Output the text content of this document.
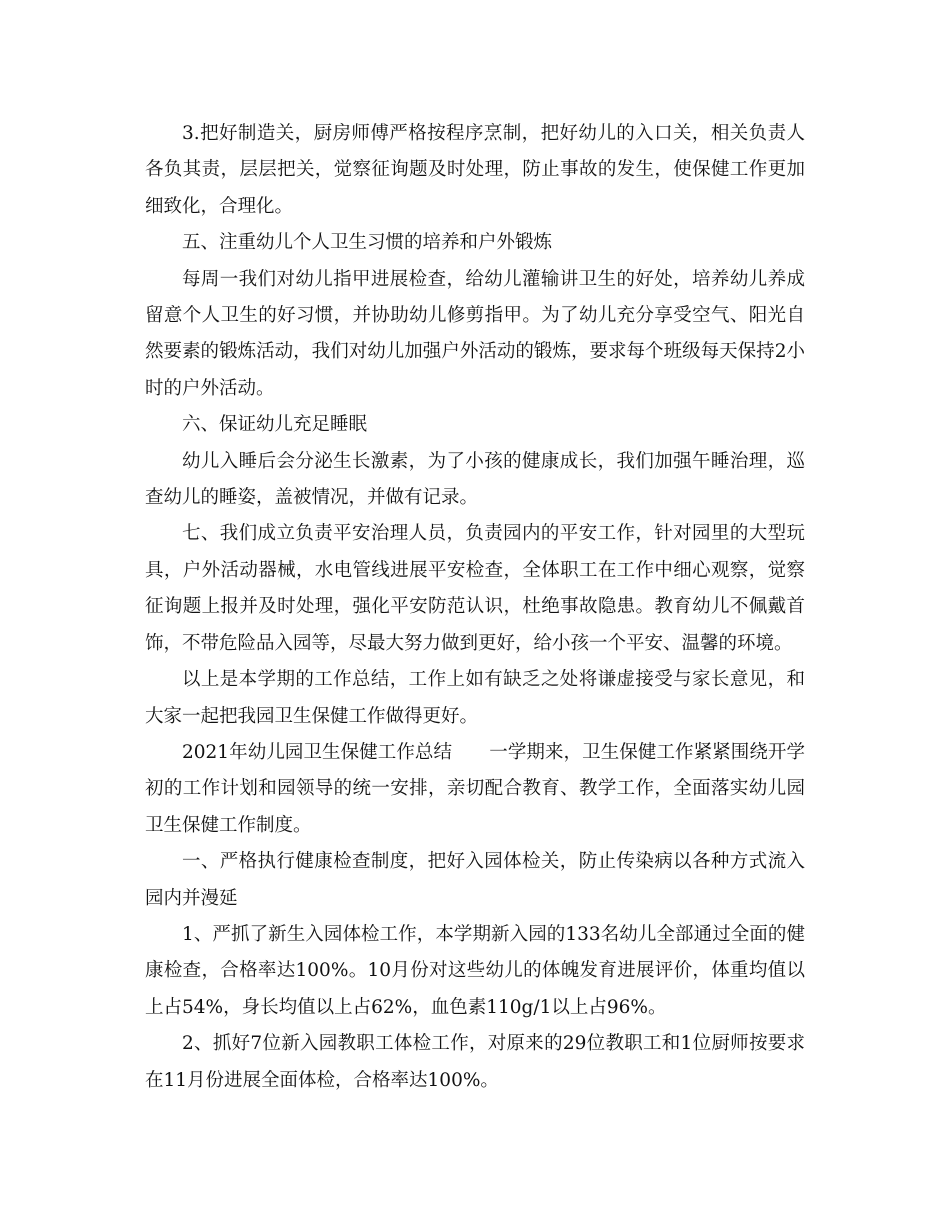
3.把好制造关，厨房师傅严格按程序烹制，把好幼儿的入口关，相关负责人各负其责，层层把关，觉察征询题及时处理，防止事故的发生，使保健工作更加细致化，合理化。

五、注重幼儿个人卫生习惯的培养和户外锻炼

每周一我们对幼儿指甲进展检查，给幼儿灌输讲卫生的好处，培养幼儿养成留意个人卫生的好习惯，并协助幼儿修剪指甲。为了幼儿充分享受空气、阳光自然要素的锻炼活动，我们对幼儿加强户外活动的锻炼，要求每个班级每天保持2小时的户外活动。

六、保证幼儿充足睡眠

幼儿入睡后会分泌生长激素，为了小孩的健康成长，我们加强午睡治理，巡查幼儿的睡姿，盖被情况，并做有记录。

七、我们成立负责平安治理人员，负责园内的平安工作，针对园里的大型玩具，户外活动器械，水电管线进展平安检查，全体职工在工作中细心观察，觉察征询题上报并及时处理，强化平安防范认识，杜绝事故隐患。教育幼儿不佩戴首饰，不带危险品入园等，尽最大努力做到更好，给小孩一个平安、温馨的环境。

以上是本学期的工作总结，工作上如有缺乏之处将谦虚接受与家长意见，和大家一起把我园卫生保健工作做得更好。

2021年幼儿园卫生保健工作总结　　一学期来，卫生保健工作紧紧围绕开学初的工作计划和园领导的统一安排，亲切配合教育、教学工作，全面落实幼儿园卫生保健工作制度。

一、严格执行健康检查制度，把好入园体检关，防止传染病以各种方式流入园内并漫延

1、严抓了新生入园体检工作，本学期新入园的133名幼儿全部通过全面的健康检查，合格率达100%。10月份对这些幼儿的体魄发育进展评价，体重均值以上占54%，身长均值以上占62%，血色素110g/1以上占96%。

2、抓好7位新入园教职工体检工作，对原来的29位教职工和1位厨师按要求在11月份进展全面体检，合格率达100%。
